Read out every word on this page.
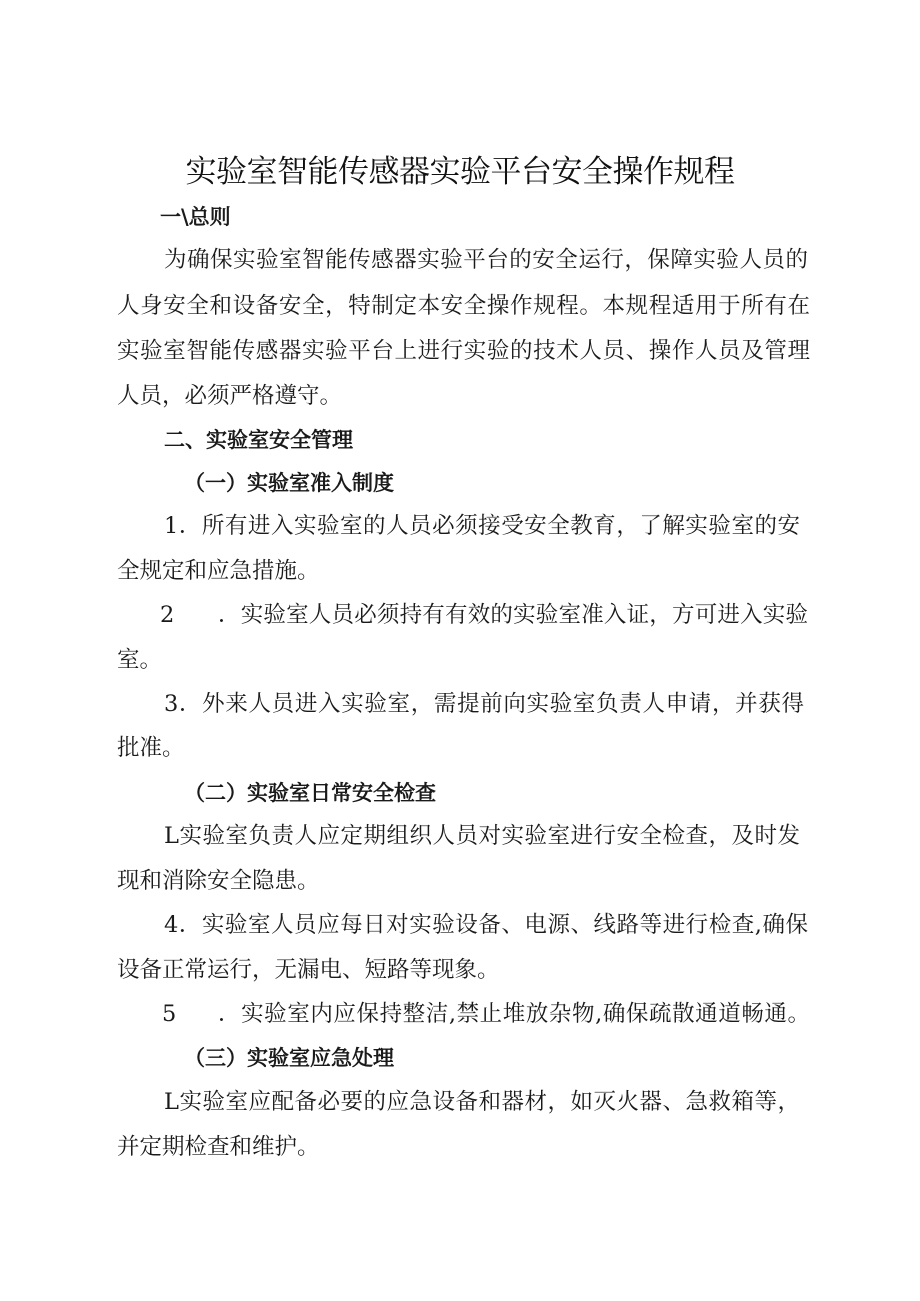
实验室智能传感器实验平台安全操作规程
一\总则
为确保实验室智能传感器实验平台的安全运行，保障实验人员的
人身安全和设备安全，特制定本安全操作规程。本规程适用于所有在
实验室智能传感器实验平台上进行实验的技术人员、操作人员及管理
人员，必须严格遵守。
二、实验室安全管理
（一）实验室准入制度
1．所有进入实验室的人员必须接受安全教育，了解实验室的安
全规定和应急措施。
2 ．实验室人员必须持有有效的实验室准入证，方可进入实验
室。
3．外来人员进入实验室，需提前向实验室负责人申请，并获得
批准。
（二）实验室日常安全检查
L实验室负责人应定期组织人员对实验室进行安全检查，及时发
现和消除安全隐患。
4．实验室人员应每日对实验设备、电源、线路等进行检查,确保
设备正常运行，无漏电、短路等现象。
5 ．实验室内应保持整洁,禁止堆放杂物,确保疏散通道畅通。
（三）实验室应急处理
L实验室应配备必要的应急设备和器材，如灭火器、急救箱等，
并定期检查和维护。
